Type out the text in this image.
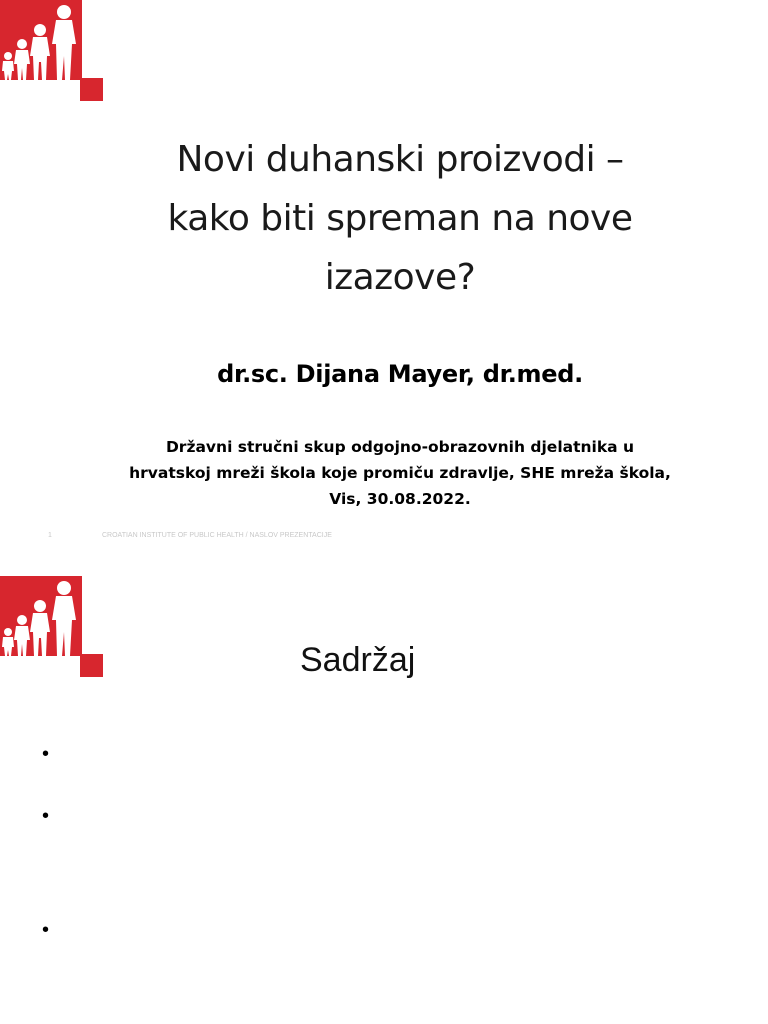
Novi duhanski proizvodi –
kako biti spreman na nove
izazove?

dr.sc. Dijana Mayer, dr.med.

Državni stručni skup odgojno-obrazovnih djelatnika u
hrvatskoj mreži škola koje promiču zdravlje, SHE mreža škola,
Vis, 30.08.2022.

1	CROATIAN INSTITUTE OF PUBLIC HEALTH / NASLOV PREZENTACIJE
Sadržaj
•
•
•
